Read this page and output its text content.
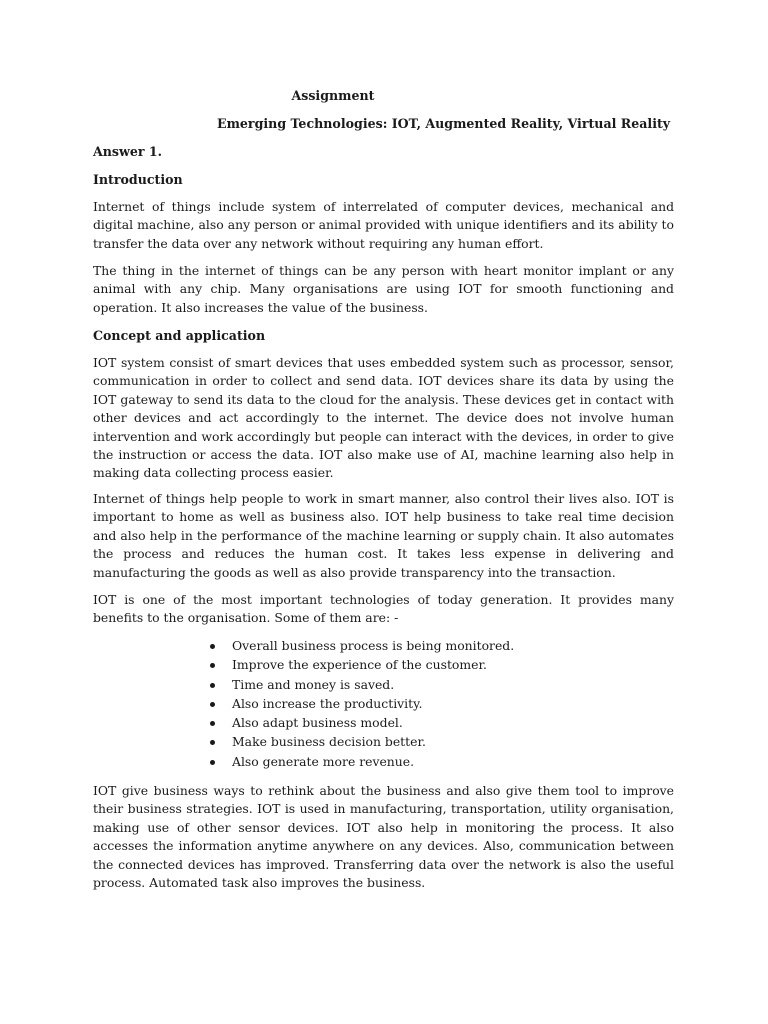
Assignment
Emerging Technologies: IOT, Augmented Reality, Virtual Reality
Answer 1.
Introduction
Internet of things include system of interrelated of computer devices, mechanical and digital machine, also any person or animal provided with unique identifiers and its ability to transfer the data over any network without requiring any human effort.
The thing in the internet of things can be any person with heart monitor implant or any animal with any chip. Many organisations are using IOT for smooth functioning and operation. It also increases the value of the business.
Concept and application
IOT system consist of smart devices that uses embedded system such as processor, sensor, communication in order to collect and send data. IOT devices share its data by using the IOT gateway to send its data to the cloud for the analysis. These devices get in contact with other devices and act accordingly to the internet. The device does not involve human intervention and work accordingly but people can interact with the devices, in order to give the instruction or access the data. IOT also make use of AI, machine learning also help in making data collecting process easier.
Internet of things help people to work in smart manner, also control their lives also. IOT is important to home as well as business also. IOT help business to take real time decision and also help in the performance of the machine learning or supply chain. It also automates the process and reduces the human cost. It takes less expense in delivering and manufacturing the goods as well as also provide transparency into the transaction.
IOT is one of the most important technologies of today generation. It provides many benefits to the organisation. Some of them are: -
Overall business process is being monitored.
Improve the experience of the customer.
Time and money is saved.
Also increase the productivity.
Also adapt business model.
Make business decision better.
Also generate more revenue.
IOT give business ways to rethink about the business and also give them tool to improve their business strategies. IOT is used in manufacturing, transportation, utility organisation, making use of other sensor devices. IOT also help in monitoring the process. It also accesses the information anytime anywhere on any devices. Also, communication between the connected devices has improved. Transferring data over the network is also the useful process. Automated task also improves the business.
